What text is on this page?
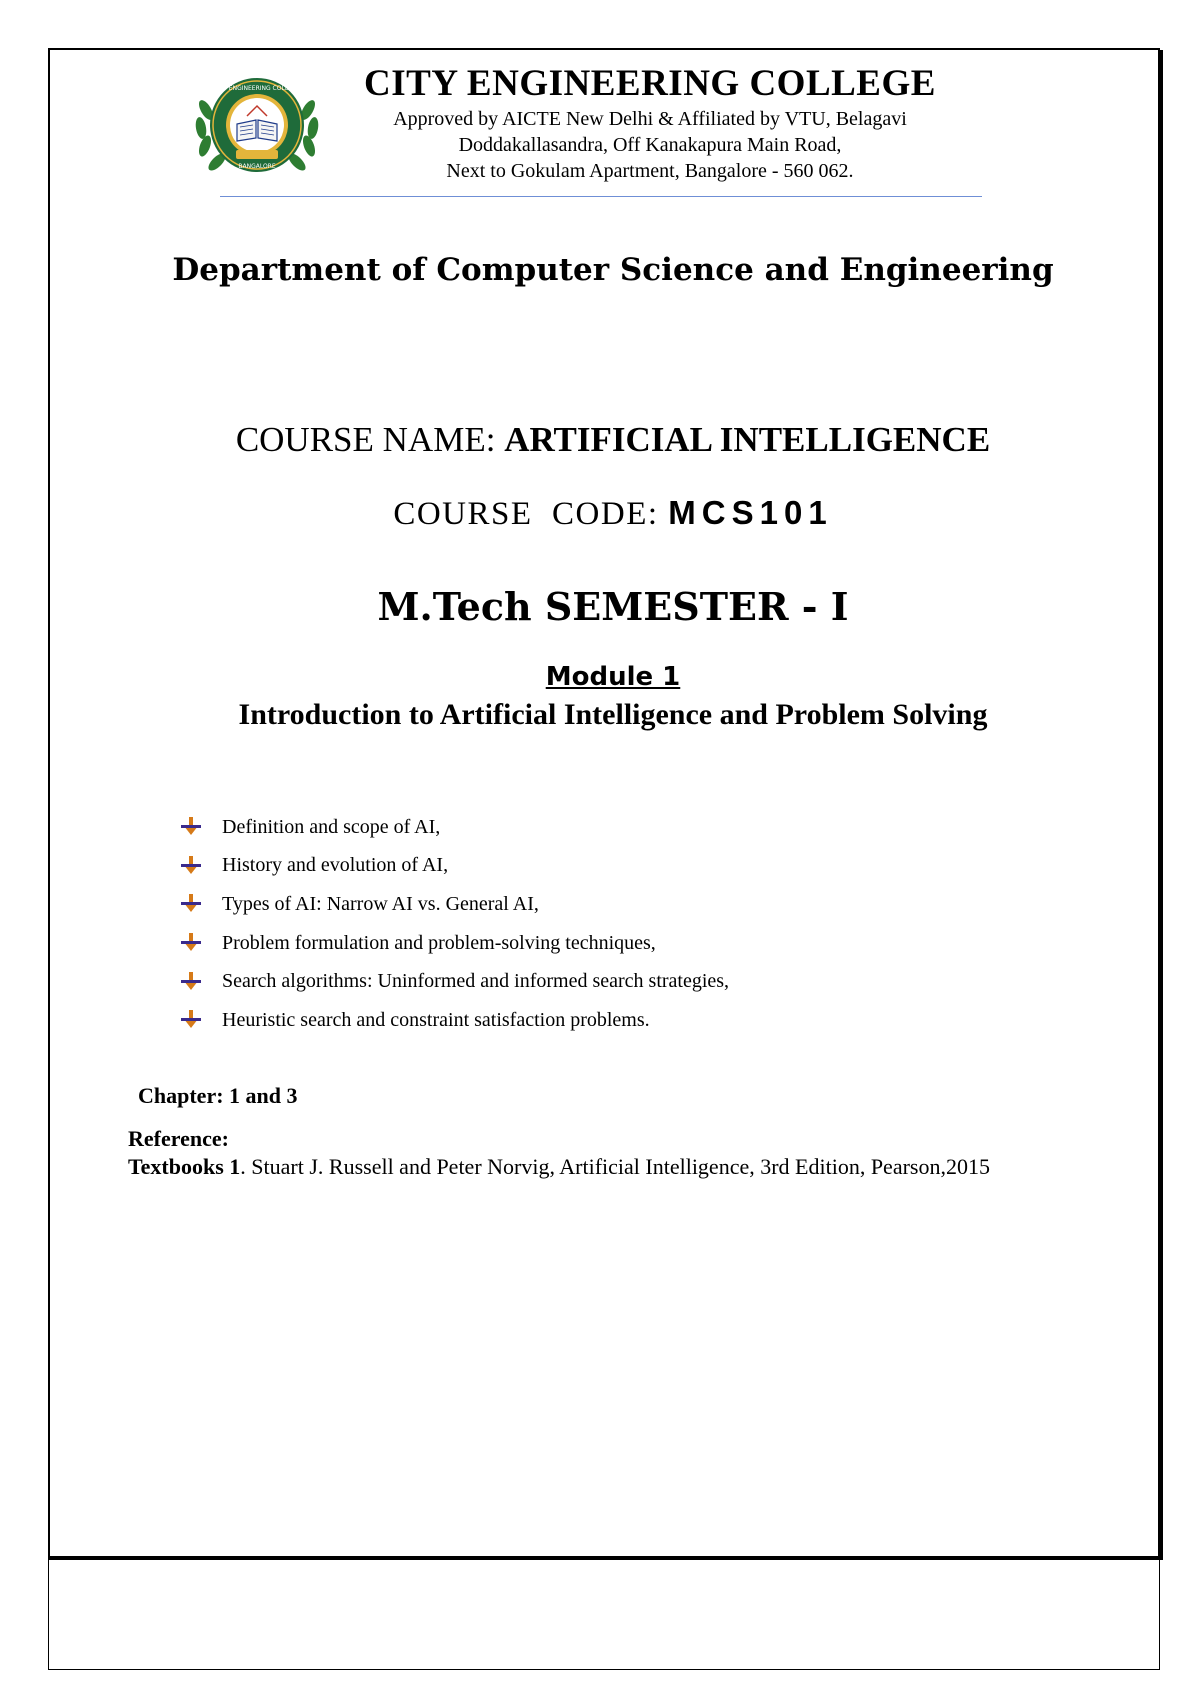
CITY ENGINEERING COLLEGE
BANGALORE
CITY ENGINEERING COLLEGE
Approved by AICTE New Delhi & Affiliated by VTU, Belagavi
Doddakallasandra, Off Kanakapura Main Road,
Next to Gokulam Apartment, Bangalore - 560 062.
Department of Computer Science and Engineering
COURSE NAME: ARTIFICIAL INTELLIGENCE
COURSE  CODE: MCS101
M.Tech SEMESTER - I
Module 1
Introduction to Artificial Intelligence and Problem Solving
Definition and scope of AI,
History and evolution of AI,
Types of AI: Narrow AI vs. General AI,
Problem formulation and problem-solving techniques,
Search algorithms: Uninformed and informed search strategies,
Heuristic search and constraint satisfaction problems.
Chapter: 1 and 3
Reference:
Textbooks 1. Stuart J. Russell and Peter Norvig, Artificial Intelligence, 3rd Edition, Pearson,2015
